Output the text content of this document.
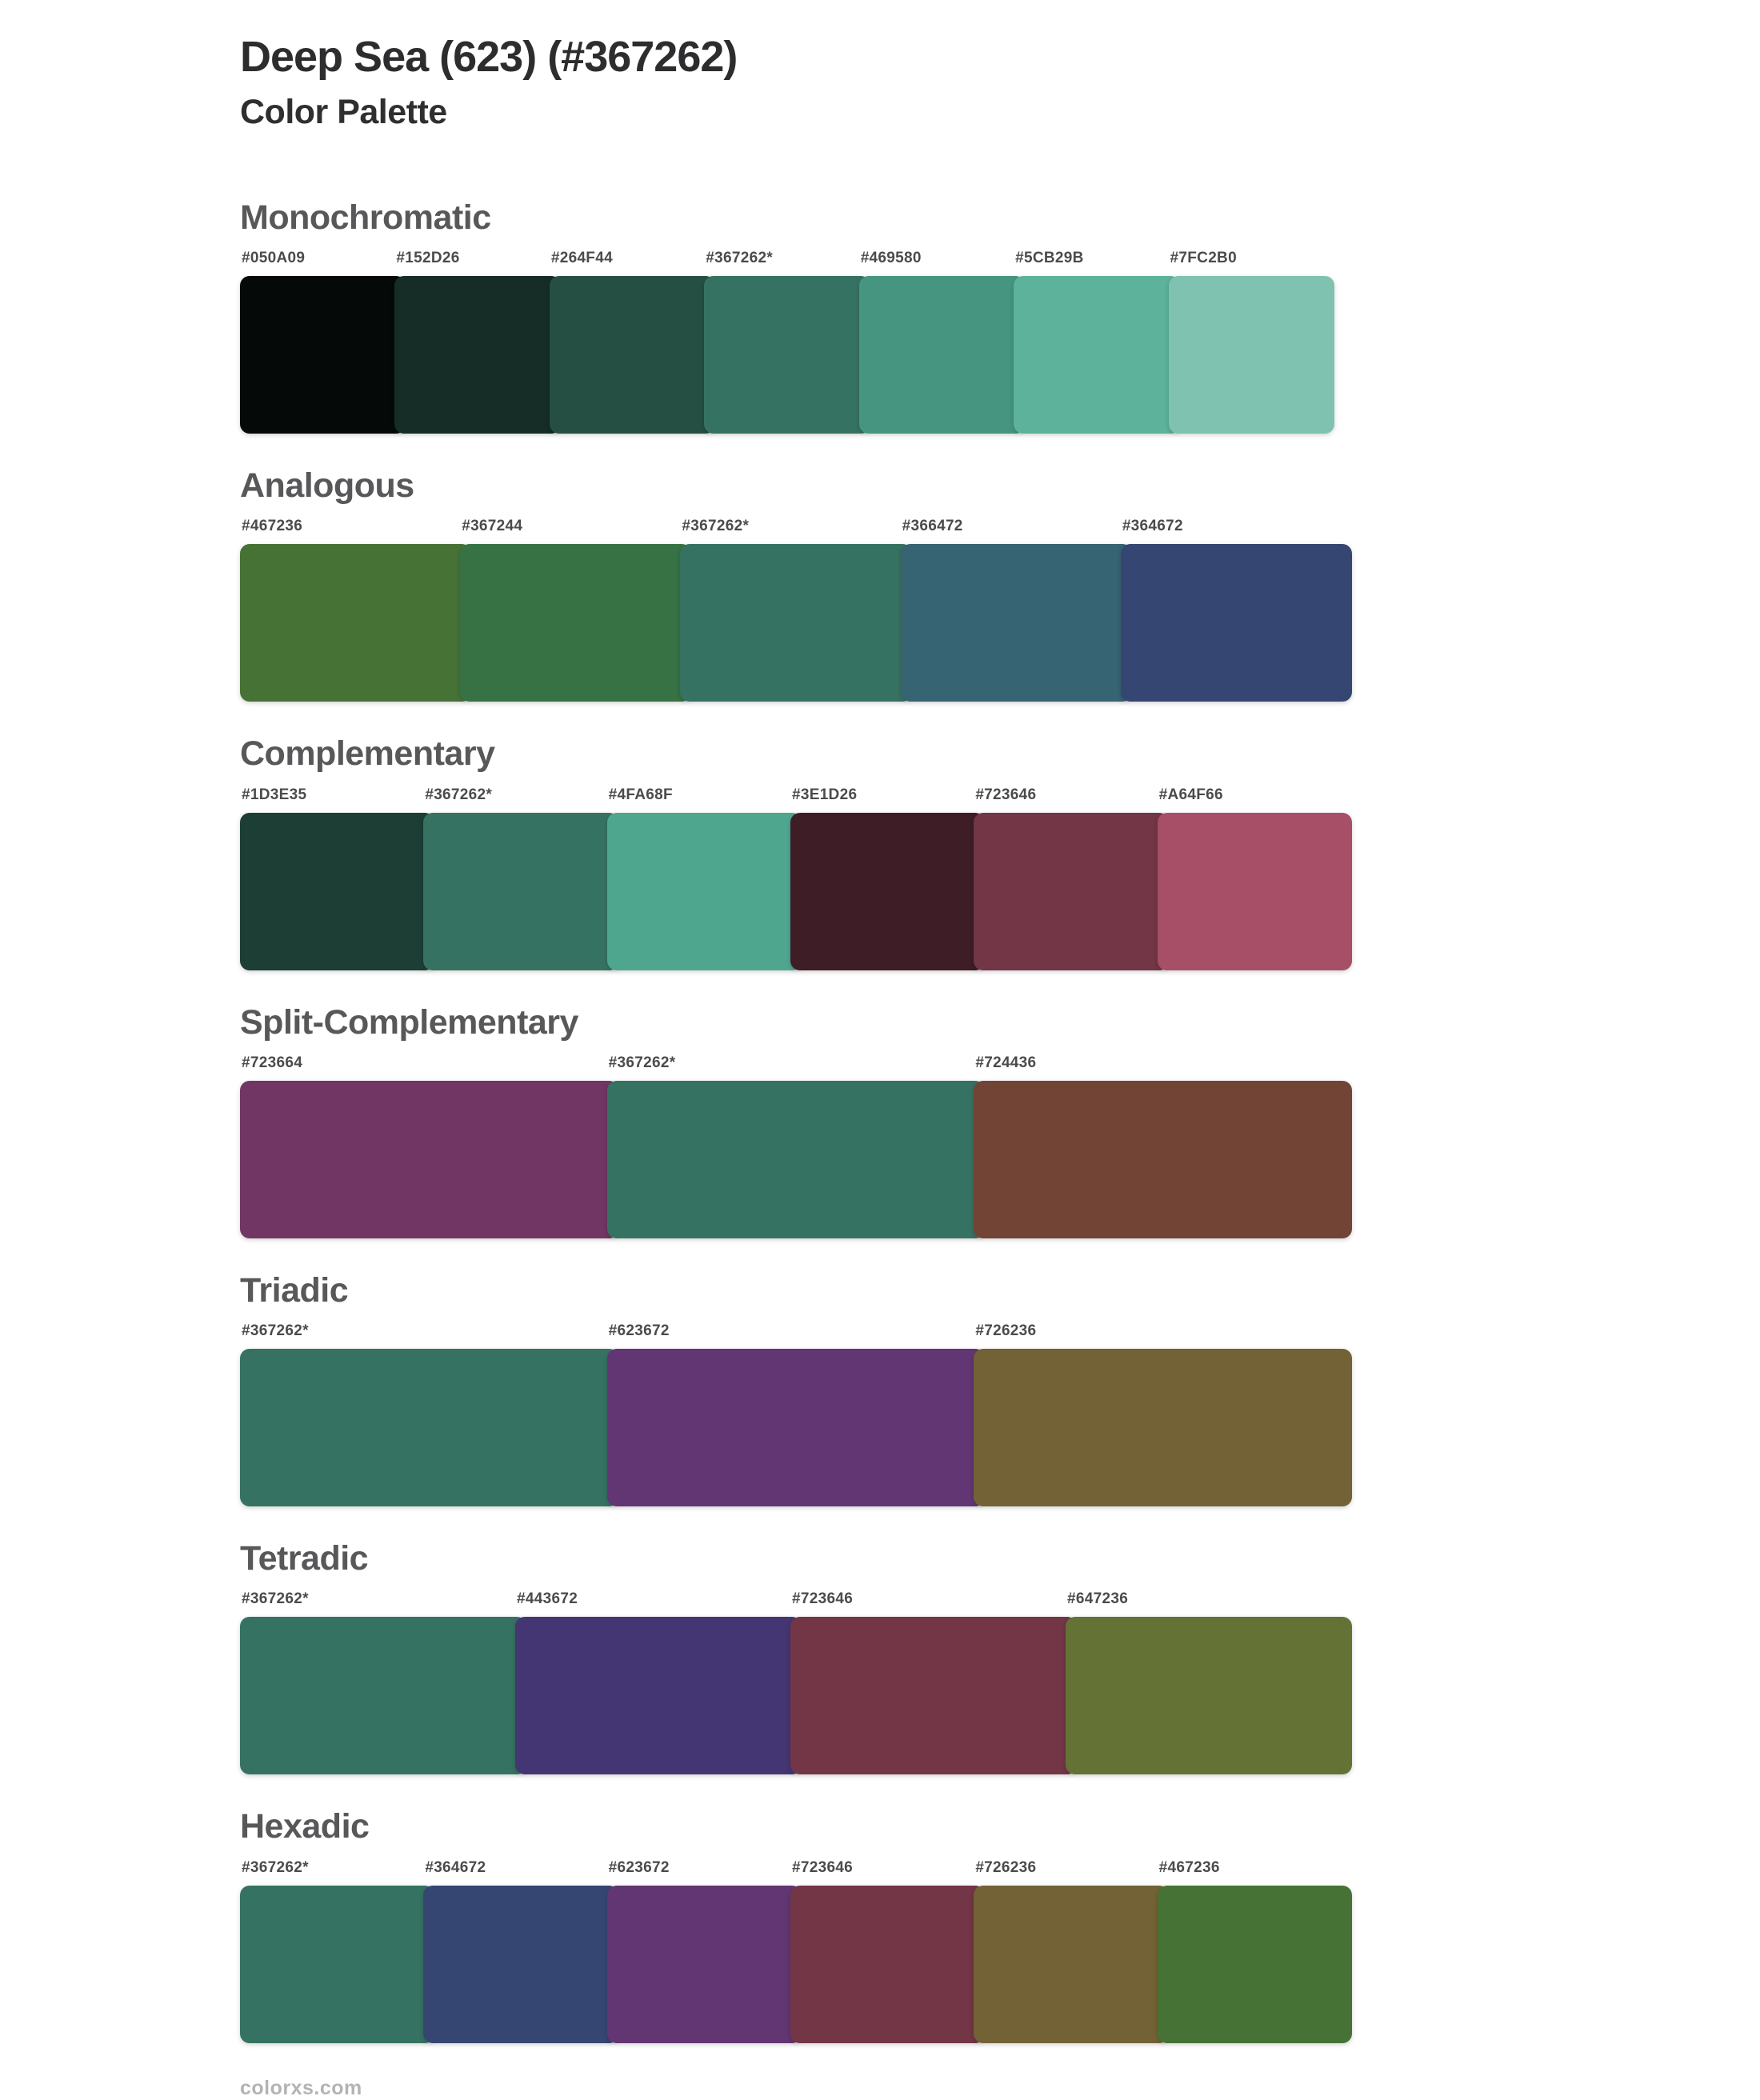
Deep Sea (623) (#367262)
Color Palette
Monochromatic
#050A09	#152D26	#264F44	#367262*	#469580	#5CB29B	#7FC2B0
Analogous
#467236	#367244	#367262*	#366472	#364672
Complementary
#1D3E35	#367262*	#4FA68F	#3E1D26	#723646	#A64F66
Split-Complementary
#723664	#367262*	#724436
Triadic
#367262*	#623672	#726236
Tetradic
#367262*	#443672	#723646	#647236
Hexadic
#367262*	#364672	#623672	#723646	#726236	#467236
colorxs.com
